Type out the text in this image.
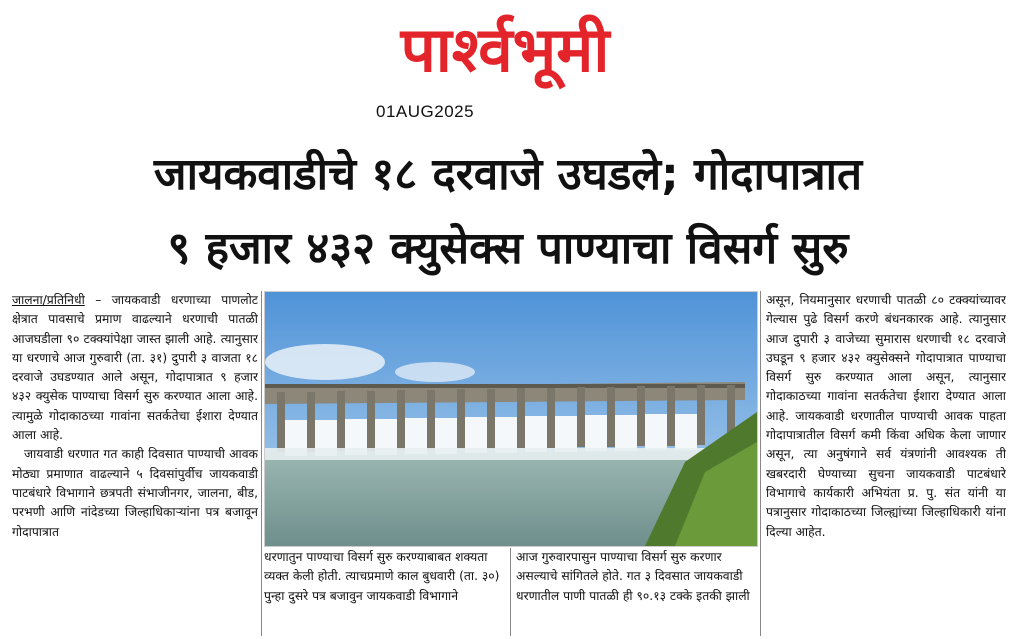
पार्श्वभूमी
01AUG2025
जायकवाडीचे १८ दरवाजे उघडले; गोदापात्रात
९ हजार ४३२ क्युसेक्स पाण्याचा विसर्ग सुरु

जालना/प्रतिनिधी – जायकवाडी धरणाच्या पाणलोट क्षेत्रात पावसाचे प्रमाण वाढल्याने धरणाची पातळी आजघडीला ९० टक्क्यांपेक्षा जास्त झाली आहे. त्यानुसार या धरणाचे आज गुरुवारी (ता. ३१) दुपारी ३ वाजता १८ दरवाजे उघडण्यात आले असून, गोदापात्रात ९ हजार ४३२ क्युसेक पाण्याचा विसर्ग सुरु करण्यात आला आहे. त्यामुळे गोदाकाठच्या गावांना सतर्कतेचा ईशारा देण्यात आला आहे.

जायवाडी धरणात गत काही दिवसात पाण्याची आवक मोठ्या प्रमाणात वाढल्याने ५ दिवसांपुर्वीच जायकवाडी पाटबंधारे विभागाने छत्रपती संभाजीनगर, जालना, बीड, परभणी आणि नांदेडच्या जिल्हाधिकाऱ्यांना पत्र बजावून गोदापात्रात

धरणातुन पाण्याचा विसर्ग सुरु करण्याबाबत शक्यता व्यक्त केली होती. त्याचप्रमाणे काल बुधवारी (ता. ३०) पुन्हा दुसरे पत्र बजावुन जायकवाडी विभागाने
आज गुरुवारपासुन पाण्याचा विसर्ग सुरु करणार असल्याचे सांगितले होते. गत ३ दिवसात जायकवाडी धरणातील पाणी पातळी ही ९०.१३ टक्के इतकी झाली

असून, नियमानुसार धरणाची पातळी ८० टक्क्यांच्यावर गेल्यास पुढे विसर्ग करणे बंधनकारक आहे. त्यानुसार आज दुपारी ३ वाजेच्या सुमारास धरणाची १८ दरवाजे उघडून ९ हजार ४३२ क्युसेक्सने गोदापात्रात पाण्याचा विसर्ग सुरु करण्यात आला असून, त्यानुसार गोदाकाठच्या गावांना सतर्कतेचा ईशारा देण्यात आला आहे. जायकवाडी धरणातील पाण्याची आवक पाहता गोदापात्रातील विसर्ग कमी किंवा अधिक केला जाणार असून, त्या अनुषंगाने सर्व यंत्रणांनी आवश्यक ती खबरदारी घेण्याच्या सुचना जायकवाडी पाटबंधारे विभागाचे कार्यकारी अभियंता प्र. पु. संत यांनी या पत्रानुसार गोदाकाठच्या जिल्ह्यांच्या जिल्हाधिकारी यांना दिल्या आहेत.
